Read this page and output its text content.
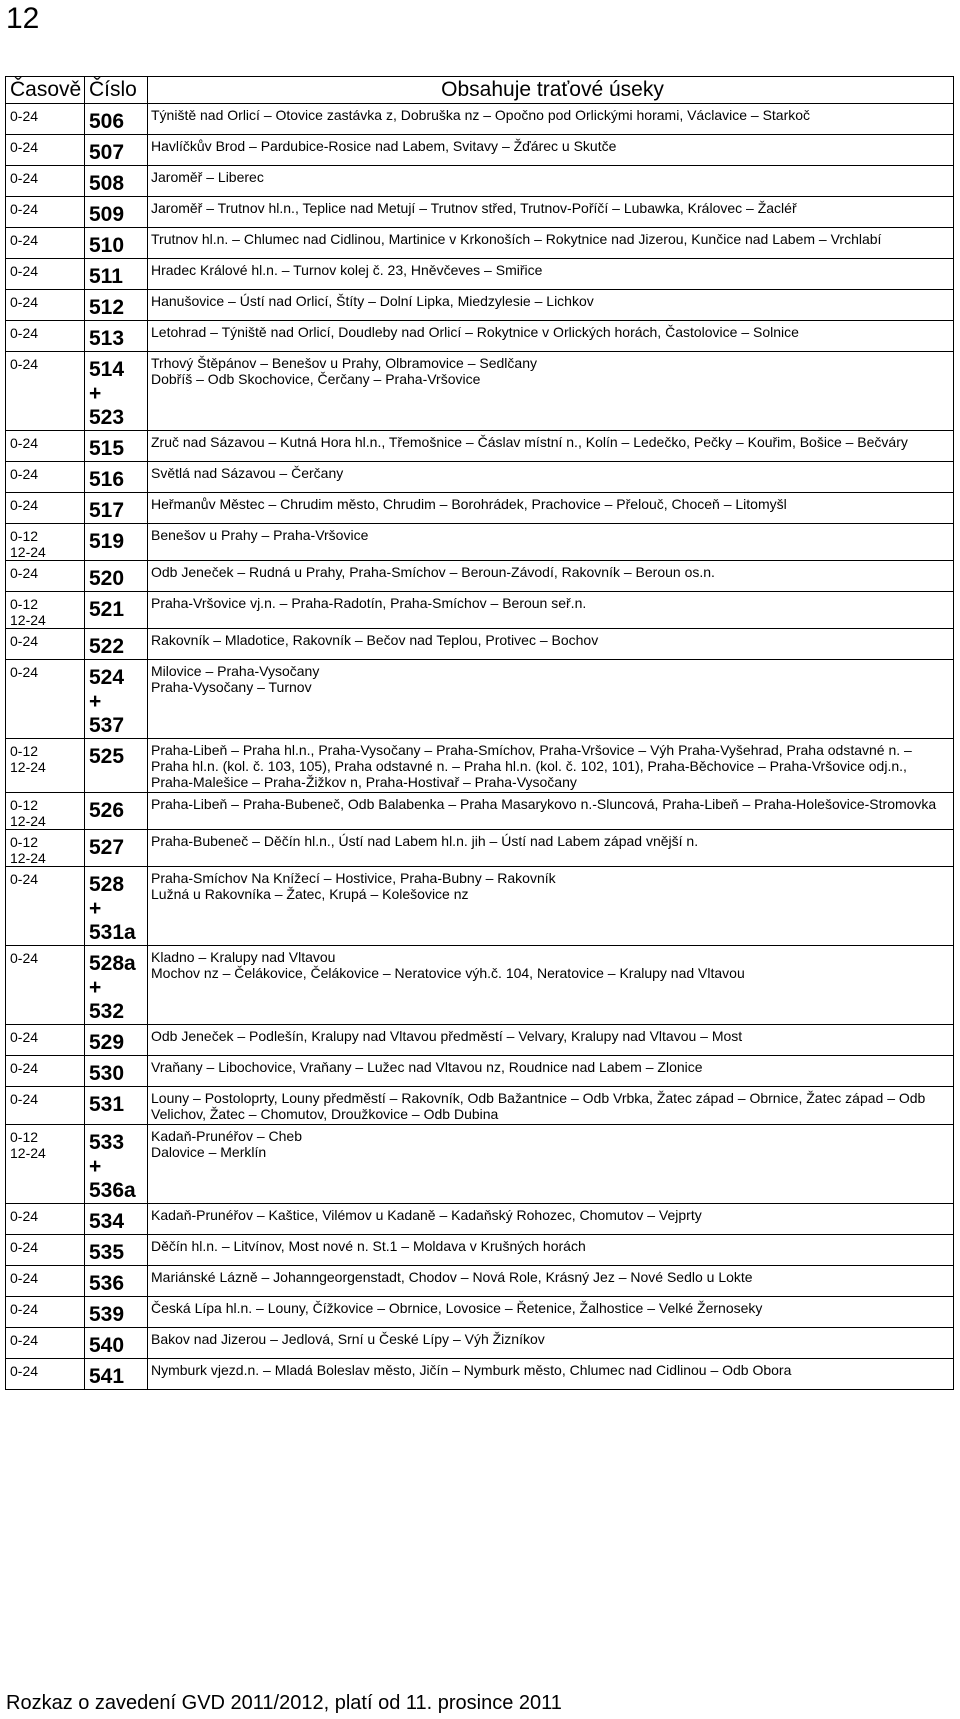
12
Časově	Číslo	Obsahuje traťové úseky
0-24	506	Týniště nad Orlicí – Otovice zastávka z, Dobruška nz – Opočno pod Orlickými horami, Václavice – Starkoč
0-24	507	Havlíčkův Brod – Pardubice-Rosice nad Labem, Svitavy – Žďárec u Skutče
0-24	508	Jaroměř – Liberec
0-24	509	Jaroměř – Trutnov hl.n., Teplice nad Metují – Trutnov střed, Trutnov-Poříčí – Lubawka, Královec – Žacléř
0-24	510	Trutnov hl.n. – Chlumec nad Cidlinou, Martinice v Krkonoších – Rokytnice nad Jizerou, Kunčice nad Labem – Vrchlabí
0-24	511	Hradec Králové hl.n. – Turnov kolej č. 23, Hněvčeves – Smiřice
0-24	512	Hanušovice – Ústí nad Orlicí, Štíty – Dolní Lipka, Miedzylesie – Lichkov
0-24	513	Letohrad – Týniště nad Orlicí, Doudleby nad Orlicí – Rokytnice v Orlických horách, Častolovice – Solnice
0-24	514
+
523	Trhový Štěpánov – Benešov u Prahy, Olbramovice – Sedlčany
Dobříš – Odb Skochovice, Čerčany – Praha-Vršovice
0-24	515	Zruč nad Sázavou – Kutná Hora hl.n., Třemošnice – Čáslav místní n., Kolín – Ledečko, Pečky – Kouřim, Bošice – Bečváry
0-24	516	Světlá nad Sázavou – Čerčany
0-24	517	Heřmanův Městec – Chrudim město, Chrudim – Borohrádek, Prachovice – Přelouč, Choceň – Litomyšl
0-12
12-24	519	Benešov u Prahy – Praha-Vršovice
0-24	520	Odb Jeneček – Rudná u Prahy, Praha-Smíchov – Beroun-Závodí, Rakovník – Beroun os.n.
0-12
12-24	521	Praha-Vršovice vj.n. – Praha-Radotín, Praha-Smíchov – Beroun seř.n.
0-24	522	Rakovník – Mladotice, Rakovník – Bečov nad Teplou, Protivec – Bochov
0-24	524
+
537	Milovice – Praha-Vysočany
Praha-Vysočany – Turnov
0-12
12-24	525	Praha-Libeň – Praha hl.n., Praha-Vysočany – Praha-Smíchov, Praha-Vršovice – Výh Praha-Vyšehrad, Praha odstavné n. – Praha hl.n. (kol. č. 103, 105), Praha odstavné n. – Praha hl.n. (kol. č. 102, 101), Praha-Běchovice – Praha-Vršovice odj.n., Praha-Malešice – Praha-Žižkov n, Praha-Hostivař – Praha-Vysočany
0-12
12-24	526	Praha-Libeň – Praha-Bubeneč, Odb Balabenka – Praha Masarykovo n.-Sluncová, Praha-Libeň – Praha-Holešovice-Stromovka
0-12
12-24	527	Praha-Bubeneč – Děčín hl.n., Ústí nad Labem hl.n. jih – Ústí nad Labem západ vnější n.
0-24	528
+
531a	Praha-Smíchov Na Knížecí – Hostivice, Praha-Bubny – Rakovník
Lužná u Rakovníka – Žatec, Krupá – Kolešovice nz
0-24	528a
+
532	Kladno – Kralupy nad Vltavou
Mochov nz – Čelákovice, Čelákovice – Neratovice výh.č. 104, Neratovice – Kralupy nad Vltavou
0-24	529	Odb Jeneček – Podlešín, Kralupy nad Vltavou předměstí – Velvary, Kralupy nad Vltavou – Most
0-24	530	Vraňany – Libochovice, Vraňany – Lužec nad Vltavou nz, Roudnice nad Labem – Zlonice
0-24	531	Louny – Postoloprty, Louny předměstí – Rakovník, Odb Bažantnice – Odb Vrbka, Žatec západ – Obrnice, Žatec západ – Odb Velichov, Žatec – Chomutov, Droužkovice – Odb Dubina
0-12
12-24	533
+
536a	Kadaň-Prunéřov – Cheb
Dalovice – Merklín
0-24	534	Kadaň-Prunéřov – Kaštice, Vilémov u Kadaně – Kadaňský Rohozec, Chomutov – Vejprty
0-24	535	Děčín hl.n. – Litvínov, Most nové n. St.1 – Moldava v Krušných horách
0-24	536	Mariánské Lázně – Johanngeorgenstadt, Chodov – Nová Role, Krásný Jez – Nové Sedlo u Lokte
0-24	539	Česká Lípa hl.n. – Louny, Čížkovice – Obrnice, Lovosice – Řetenice, Žalhostice – Velké Žernoseky
0-24	540	Bakov nad Jizerou – Jedlová, Srní u České Lípy – Výh Žizníkov
0-24	541	Nymburk vjezd.n. – Mladá Boleslav město, Jičín – Nymburk město, Chlumec nad Cidlinou – Odb Obora
Rozkaz o zavedení GVD 2011/2012, platí od 11. prosince 2011
